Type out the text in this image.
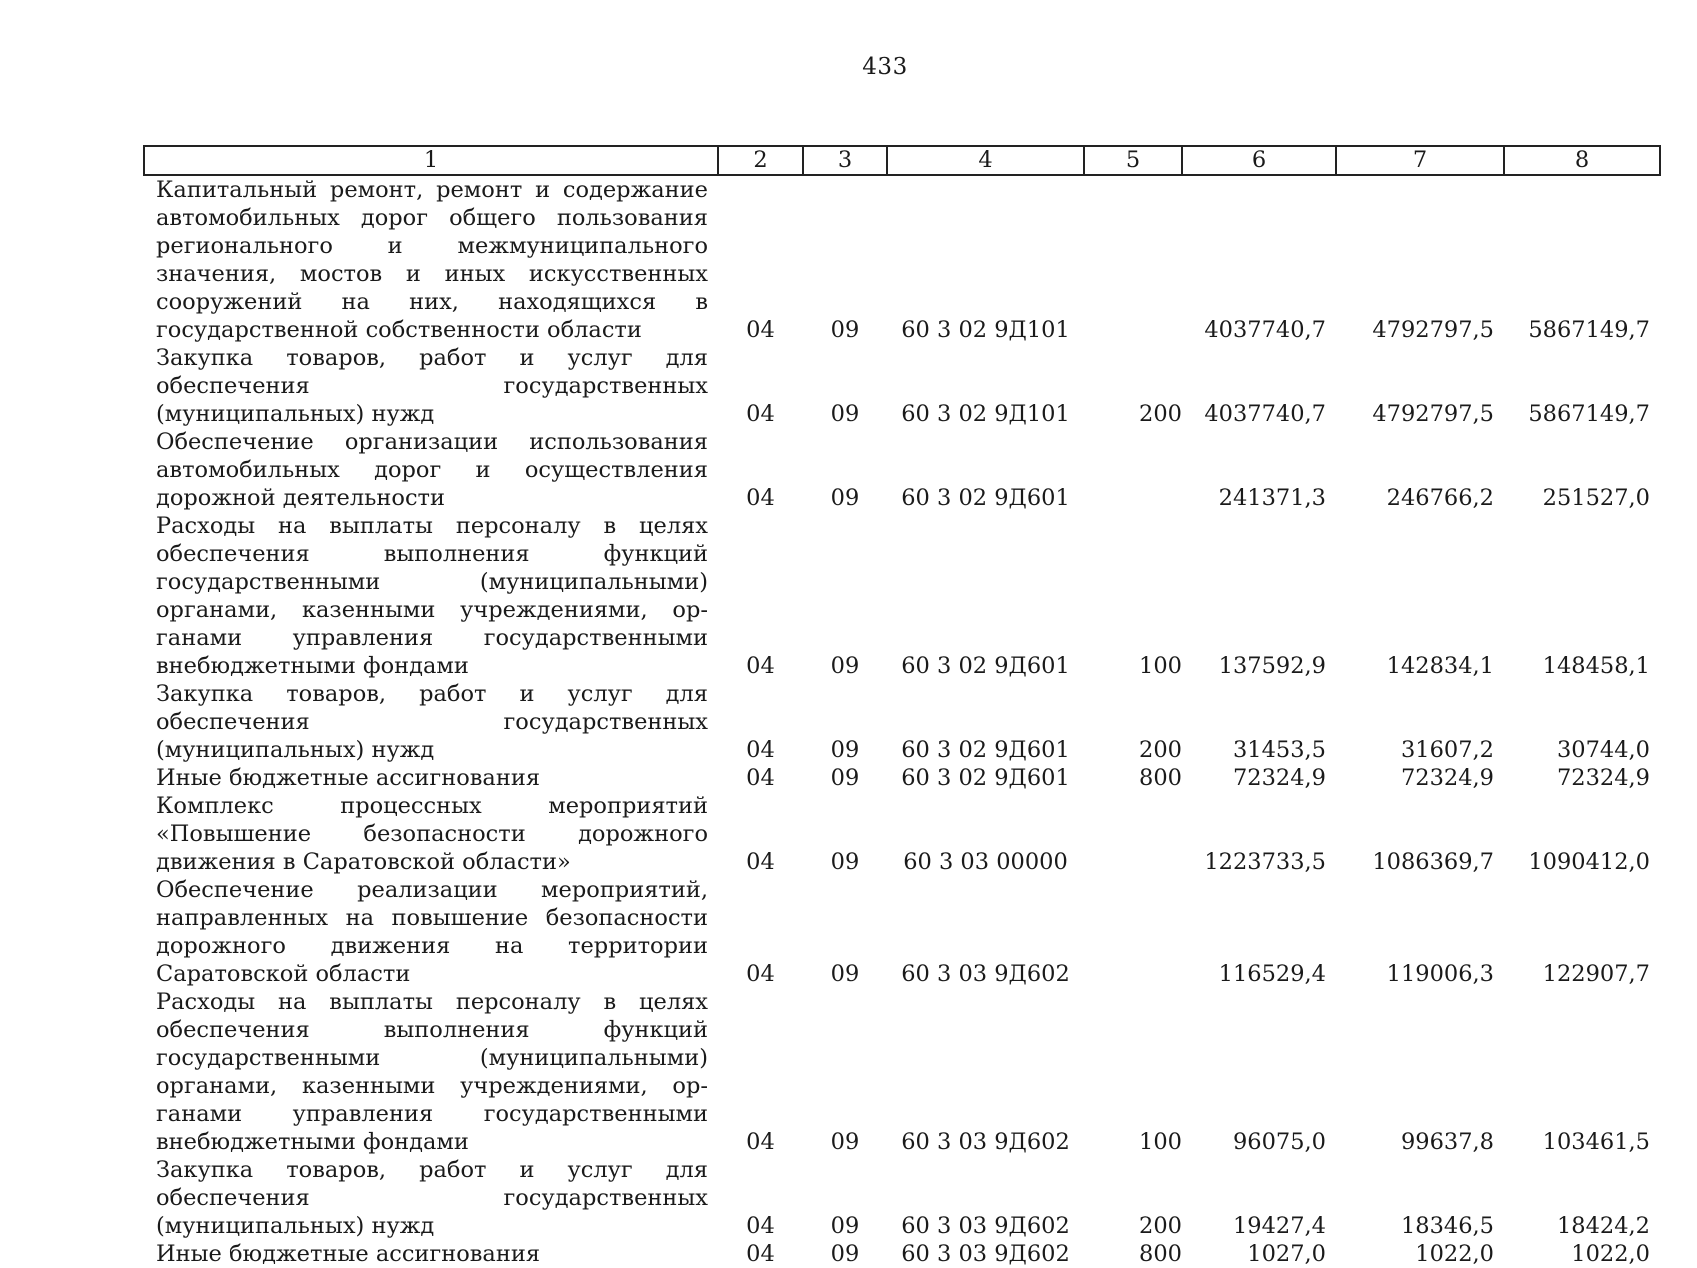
433
1	2	3	4	5	6	7	8
Капитальный ремонт, ремонт и содержание автомобильных дорог общего пользования регионального и межмуниципального значения, мостов и иных искусственных сооружений на них, находящихся в государственной собственности области	04	09	60 3 02 9Д101		4037740,7	4792797,5	5867149,7
Закупка товаров, работ и услуг для обеспечения государственных (муниципальных) нужд	04	09	60 3 02 9Д101	200	4037740,7	4792797,5	5867149,7
Обеспечение организации использования автомобильных дорог и осуществления дорожной деятельности	04	09	60 3 02 9Д601		241371,3	246766,2	251527,0
Расходы на выплаты персоналу в целях обеспечения выполнения функций государственными (муниципальными) органами, казенными учреждениями, органами управления государственными внебюджетными фондами	04	09	60 3 02 9Д601	100	137592,9	142834,1	148458,1
Закупка товаров, работ и услуг для обеспечения государственных (муниципальных) нужд	04	09	60 3 02 9Д601	200	31453,5	31607,2	30744,0
Иные бюджетные ассигнования	04	09	60 3 02 9Д601	800	72324,9	72324,9	72324,9
Комплекс процессных мероприятий «Повышение безопасности дорожного движения в Саратовской области»	04	09	60 3 03 00000		1223733,5	1086369,7	1090412,0
Обеспечение реализации мероприятий, направленных на повышение безопасности дорожного движения на территории Саратовской области	04	09	60 3 03 9Д602		116529,4	119006,3	122907,7
Расходы на выплаты персоналу в целях обеспечения выполнения функций государственными (муниципальными) органами, казенными учреждениями, органами управления государственными внебюджетными фондами	04	09	60 3 03 9Д602	100	96075,0	99637,8	103461,5
Закупка товаров, работ и услуг для обеспечения государственных (муниципальных) нужд	04	09	60 3 03 9Д602	200	19427,4	18346,5	18424,2
Иные бюджетные ассигнования	04	09	60 3 03 9Д602	800	1027,0	1022,0	1022,0
